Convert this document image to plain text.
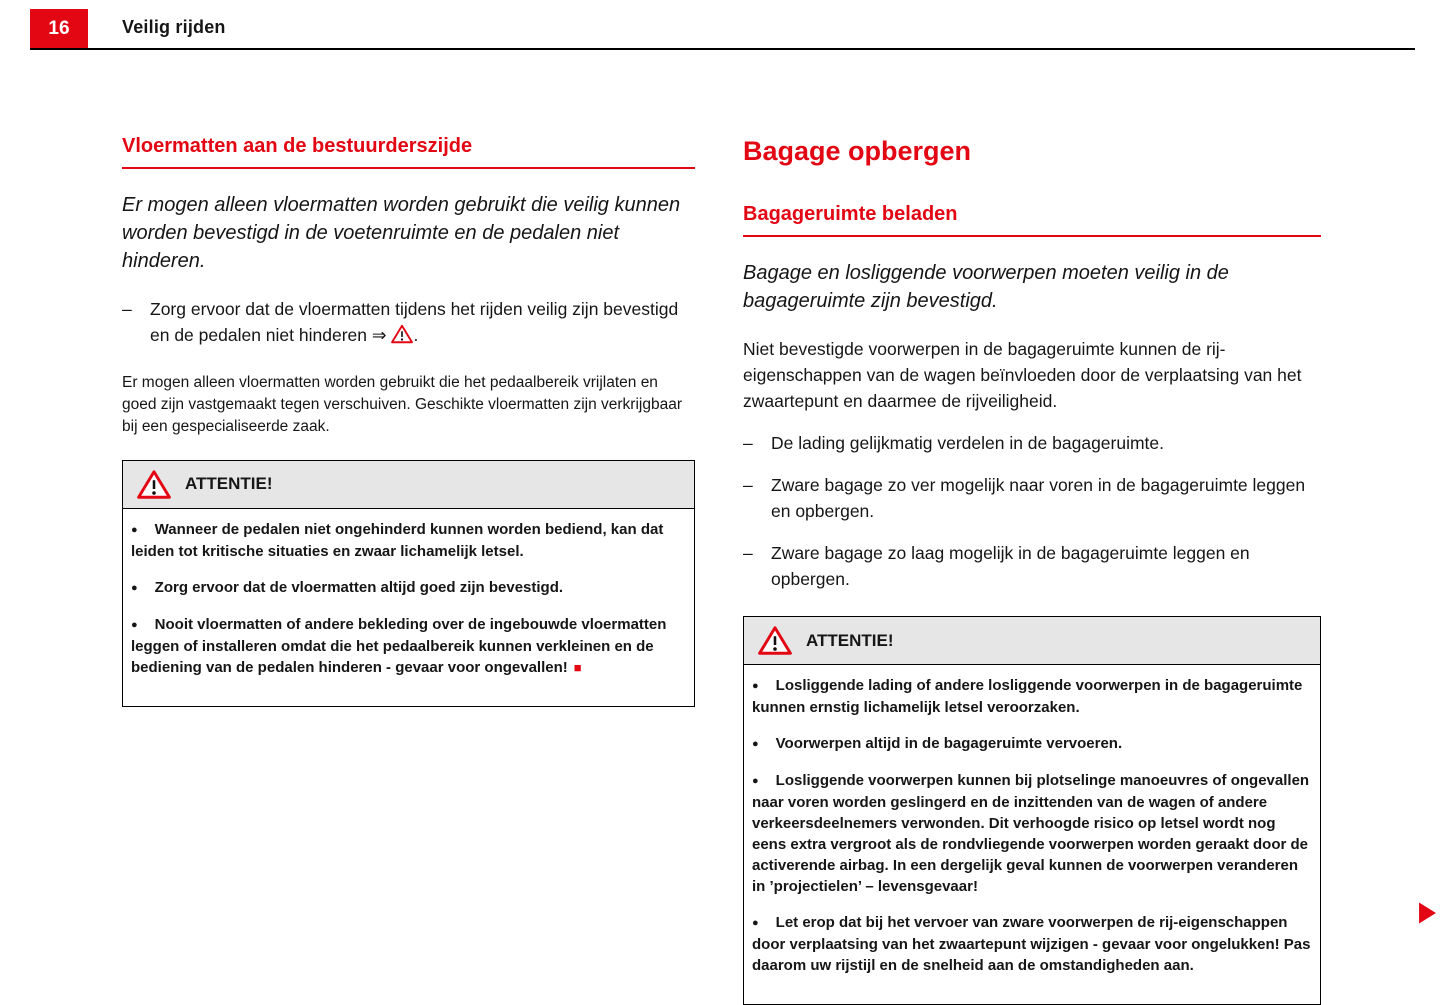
16	Veilig rijden
Vloermatten aan de bestuurderszijde

Er mogen alleen vloermatten worden gebruikt die veilig kunnen worden bevestigd in de voetenruimte en de pedalen niet hinderen.

–	Zorg ervoor dat de vloermatten tijdens het rijden veilig zijn bevestigd en de pedalen niet hinderen ⇒ .

Er mogen alleen vloermatten worden gebruikt die het pedaalbereik vrijlaten en goed zijn vastgemaakt tegen verschuiven. Geschikte vloermatten zijn verkrijgbaar bij een gespecialiseerde zaak.

ATTENTIE!

● Wanneer de pedalen niet ongehinderd kunnen worden bediend, kan dat leiden tot kritische situaties en zwaar lichamelijk letsel.

● Zorg ervoor dat de vloermatten altijd goed zijn bevestigd.

● Nooit vloermatten of andere bekleding over de ingebouwde vloermatten leggen of installeren omdat die het pedaalbereik kunnen verkleinen en de bediening van de pedalen hinderen - gevaar voor ongevallen! ■

Bagage opbergen
Bagageruimte beladen

Bagage en losliggende voorwerpen moeten veilig in de bagageruimte zijn bevestigd.

Niet bevestigde voorwerpen in de bagageruimte kunnen de rij-eigenschappen van de wagen beïnvloeden door de verplaatsing van het zwaartepunt en daarmee de rijveiligheid.

–	De lading gelijkmatig verdelen in de bagageruimte.
–	Zware bagage zo ver mogelijk naar voren in de bagageruimte leggen en opbergen.
–	Zware bagage zo laag mogelijk in de bagageruimte leggen en opbergen.
ATTENTIE!

● Losliggende lading of andere losliggende voorwerpen in de bagageruimte kunnen ernstig lichamelijk letsel veroorzaken.

● Voorwerpen altijd in de bagageruimte vervoeren.

● Losliggende voorwerpen kunnen bij plotselinge manoeuvres of ongevallen naar voren worden geslingerd en de inzittenden van de wagen of andere verkeersdeelnemers verwonden. Dit verhoogde risico op letsel wordt nog eens extra vergroot als de rondvliegende voorwerpen worden geraakt door de activerende airbag. In een dergelijk geval kunnen de voorwerpen veranderen in ’projectielen’ – levensgevaar!

● Let erop dat bij het vervoer van zware voorwerpen de rij-eigenschappen door verplaatsing van het zwaartepunt wijzigen - gevaar voor ongelukken! Pas daarom uw rijstijl en de snelheid aan de omstandigheden aan.
